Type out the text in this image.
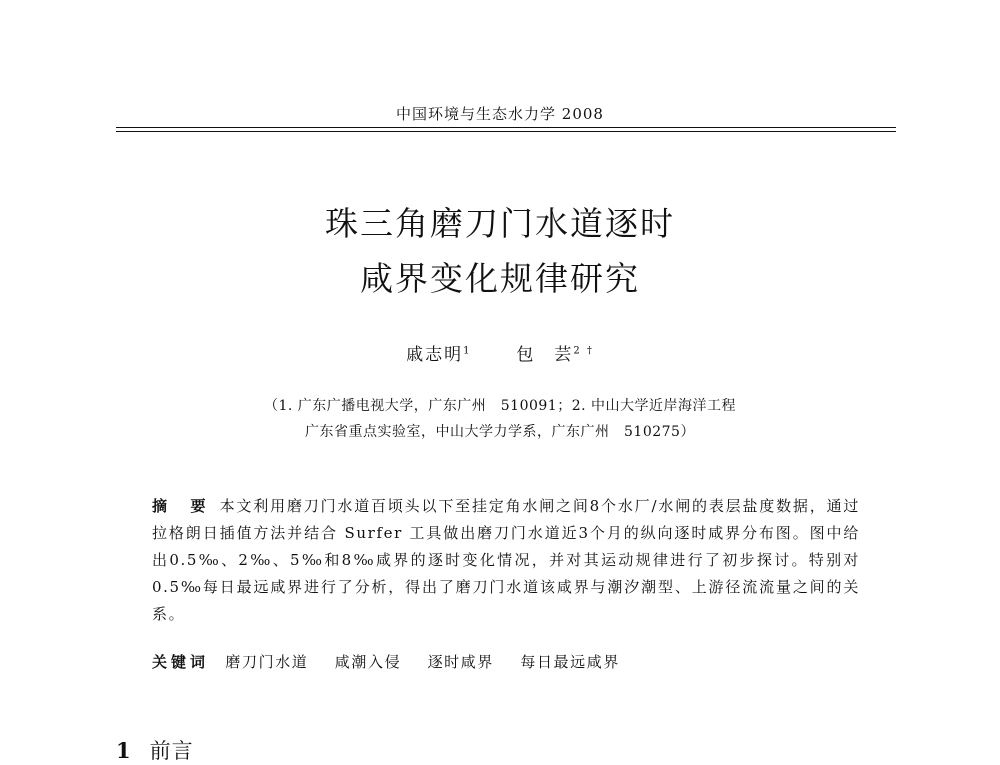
中国环境与生态水力学 2008
珠三角磨刀门水道逐时
咸界变化规律研究
戚志明$^1$	包　芸$^{2 \dagger}$
（1. 广东广播电视大学，广东广州　510091；2. 中山大学近岸海洋工程
广东省重点实验室，中山大学力学系，广东广州　510275）
摘　要 本文利用磨刀门水道百顷头以下至挂定角水闸之间8个水厂/水闸的表层盐度数据，通过拉格朗日插值方法并结合 Surfer 工具做出磨刀门水道近3个月的纵向逐时咸界分布图。图中给出0.5‰、2‰、5‰和8‰咸界的逐时变化情况，并对其运动规律进行了初步探讨。特别对0.5‰每日最远咸界进行了分析，得出了磨刀门水道该咸界与潮汐潮型、上游径流流量之间的关系。
关键词 磨刀门水道 咸潮入侵 逐时咸界 每日最远咸界
1 前言
